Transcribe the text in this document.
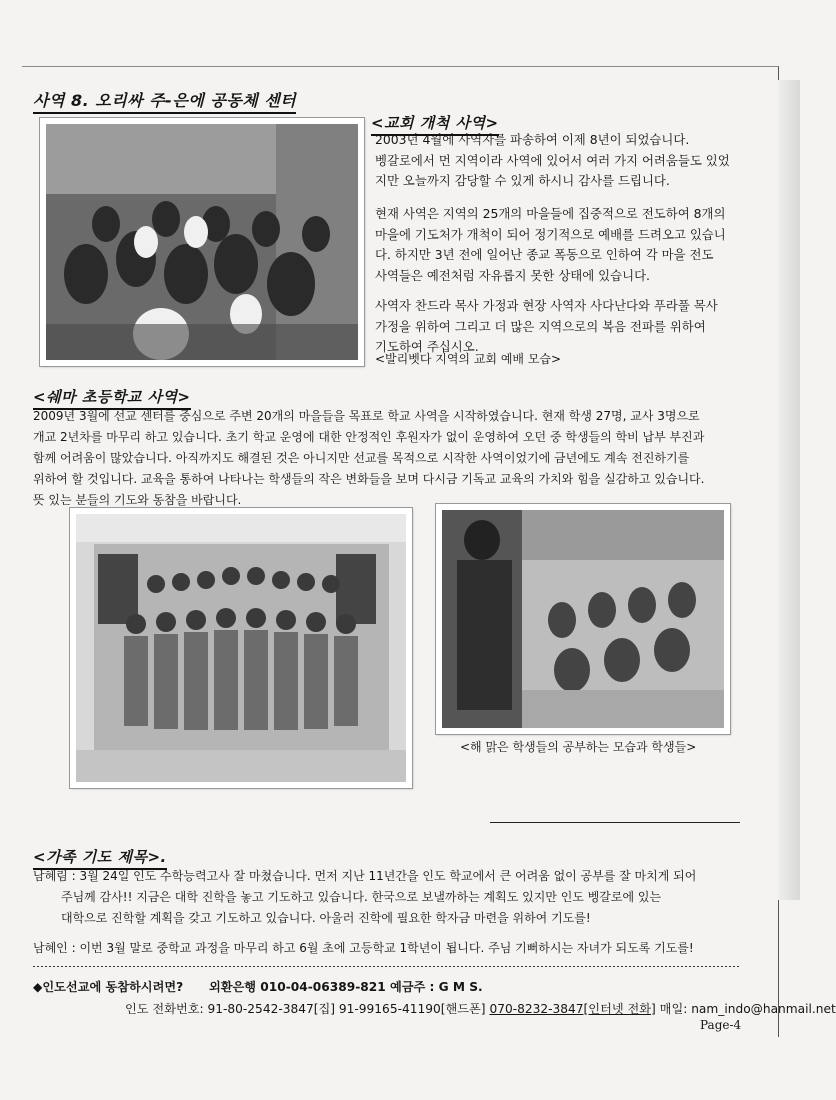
사역 8. 오리싸 주-은에 공동체 센터
<교회 개척 사역>

2003년 4월에 사역자를 파송하여 이제 8년이 되었습니다.

벵갈로에서 먼 지역이라 사역에 있어서 여러 가지 어려움들도 있었

지만 오늘까지 감당할 수 있게 하시니 감사를 드립니다.

현재 사역은 지역의 25개의 마을들에 집중적으로 전도하여 8개의

마을에 기도처가 개척이 되어 정기적으로 예배를 드려오고 있습니

다. 하지만 3년 전에 일어난 종교 폭동으로 인하여 각 마을 전도

사역들은 예전처럼 자유롭지 못한 상태에 있습니다.

사역자 찬드라 목사 가정과 현장 사역자 사다난다와 푸라풀 목사

가정을 위하여 그리고 더 많은 지역으로의 복음 전파를 위하여

기도하여 주십시오.

<발리벳다 지역의 교회 예배 모습>
<쉐마 초등학교 사역>

2009년 3월에 선교 센터를 중심으로 주변 20개의 마을들을 목표로 학교 사역을 시작하였습니다. 현재 학생 27명, 교사 3명으로

개교 2년차를 마무리 하고 있습니다. 초기 학교 운영에 대한 안정적인 후원자가 없이 운영하여 오던 중 학생들의 학비 납부 부진과

함께 어려움이 많았습니다. 아직까지도 해결된 것은 아니지만 선교를 목적으로 시작한 사역이었기에 금년에도 계속 전진하기를

위하여 할 것입니다. 교육을 통하여 나타나는 학생들의 작은 변화들을 보며 다시금 기독교 교육의 가치와 힘을 실감하고 있습니다.

뜻 있는 분들의 기도와 동참을 바랍니다.

<해 맑은 학생들의 공부하는 모습과 학생들>
<가족 기도 제목>.

남혜림 : 3월 24일 인도 수학능력고사 잘 마쳤습니다. 먼저 지난 11년간을 인도 학교에서 큰 어려움 없이 공부를 잘 마치게 되어

주님께 감사!! 지금은 대학 진학을 놓고 기도하고 있습니다. 한국으로 보낼까하는 계획도 있지만 인도 벵갈로에 있는

대학으로 진학할 계획을 갖고 기도하고 있습니다. 아울러 진학에 필요한 학자금 마련을 위하여 기도를!

남혜인 : 이번 3월 말로 중학교 과정을 마무리 하고 6월 초에 고등학교 1학년이 됩니다. 주님 기뻐하시는 자녀가 되도록 기도를!
◆인도선교에 동참하시려면? 외환은행 010-04-06389-821 예금주 : G M S.
인도 전화번호: 91-80-2542-3847[집] 91-99165-41190[핸드폰] 070-8232-3847[인터넷 전화] 매일: nam_indo@hanmail.net
Page-4
